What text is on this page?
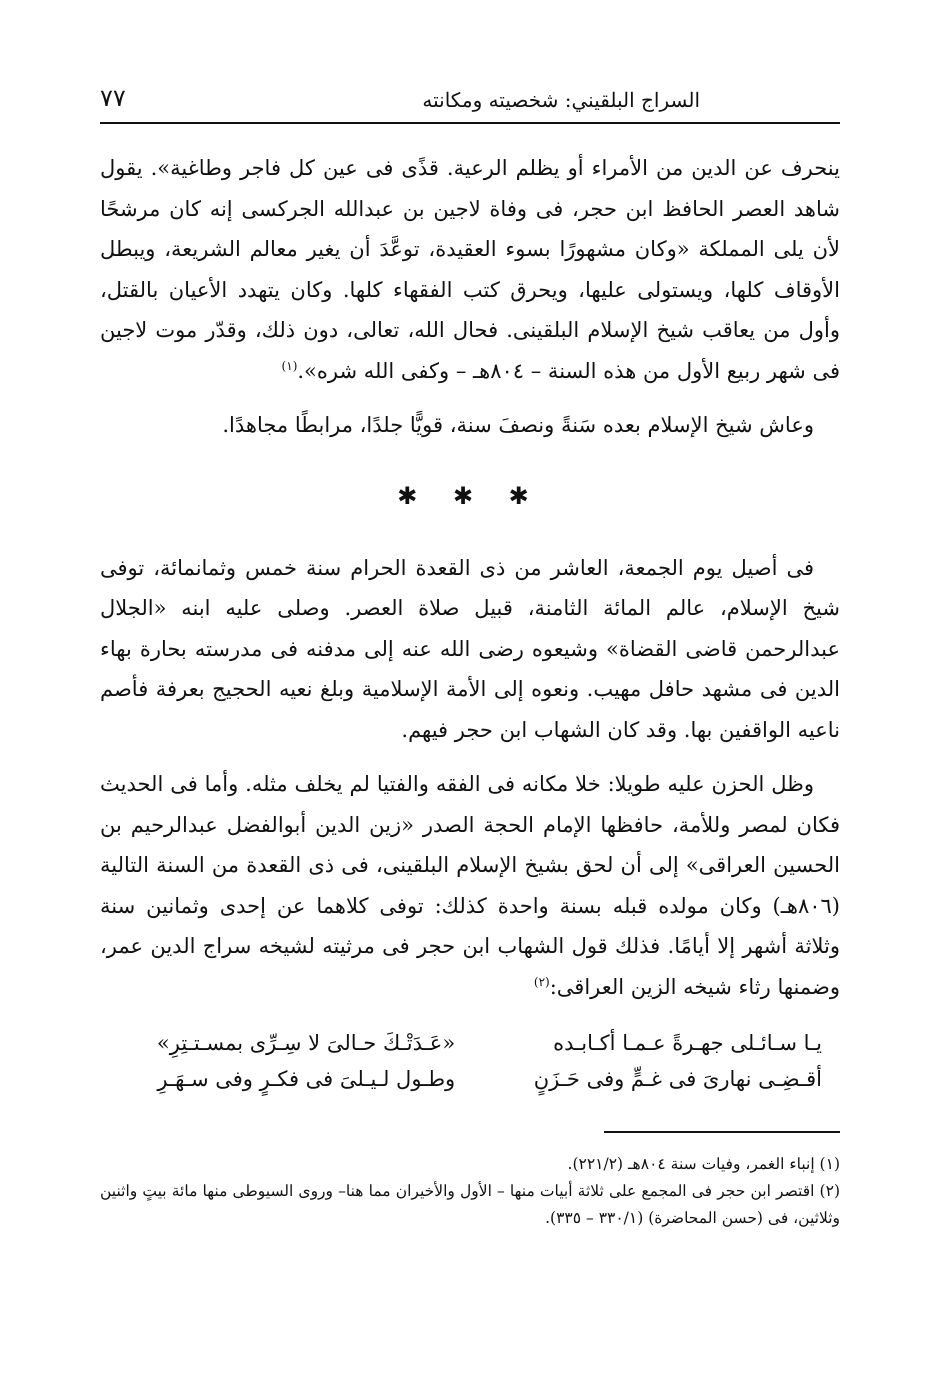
السراج البلقيني: شخصيته ومكانته
٧٧

ينحرف عن الدين من الأمراء أو يظلم الرعية. قذًى فى عين كل فاجر وطاغية». يقول شاهد العصر الحافظ ابن حجر، فى وفاة لاجين بن عبدالله الجركسى إنه كان مرشحًا لأن يلى المملكة «وكان مشهورًا بسوء العقيدة، توعَّدَ أن يغير معالم الشريعة، ويبطل الأوقاف كلها، ويستولى عليها، ويحرق كتب الفقهاء كلها. وكان يتهدد الأعيان بالقتل، وأول من يعاقب شيخ الإسلام البلقينى. فحال الله، تعالى، دون ذلك، وقدّر موت لاجين فى شهر ربيع الأول من هذه السنة – ٨٠٤هـ – وكفى الله شره».$^{(١)}$

وعاش شيخ الإسلام بعده سَنةً ونصفَ سنة، قويًّا جلدًا، مرابطًا مجاهدًا.

✱ ✱ ✱

فى أصيل يوم الجمعة، العاشر من ذى القعدة الحرام سنة خمس وثمانمائة، توفى شيخ الإسلام، عالم المائة الثامنة، قبيل صلاة العصر. وصلى عليه ابنه «الجلال عبدالرحمن قاضى القضاة» وشيعوه رضى الله عنه إلى مدفنه فى مدرسته بحارة بهاء الدين فى مشهد حافل مهيب. ونعوه إلى الأمة الإسلامية وبلغ نعيه الحجيج بعرفة فأصم ناعيه الواقفين بها. وقد كان الشهاب ابن حجر فيهم.

وظل الحزن عليه طويلا: خلا مكانه فى الفقه والفتيا لم يخلف مثله. وأما فى الحديث فكان لمصر وللأمة، حافظها الإمام الحجة الصدر «زين الدين أبوالفضل عبدالرحيم بن الحسين العراقى» إلى أن لحق بشيخ الإسلام البلقينى، فى ذى القعدة من السنة التالية (٨٠٦هـ) وكان مولده قبله بسنة واحدة كذلك: توفى كلاهما عن إحدى وثمانين سنة وثلاثة أشهر إلا أيامًا. فذلك قول الشهاب ابن حجر فى مرثيته لشيخه سراج الدين عمر، وضمنها رثاء شيخه الزين العراقى:$^{(٢)}$

يـا سـائـلى جهـرةً عـمـا أكـابـده
«عَـدَتْـكَ حـالىَ لا سِـرِّى بمسـتـتِرِ»
أقـضِـى نهارىَ فى غـمٍّ وفى حَـزَنٍ
وطـول لـيـلىَ فى فكـرٍ وفى سـهَـرِ
(١) إنباء الغمر، وفيات سنة ٨٠٤هـ (٢٢١/٢).
(٢) اقتصر ابن حجر فى المجمع على ثلاثة أبيات منها – الأول والأخيران مما هنا– وروى السيوطى منها مائة بيتٍ واثنين وثلاثين، فى (حسن المحاضرة) (٣٣٠/١ – ٣٣٥).
